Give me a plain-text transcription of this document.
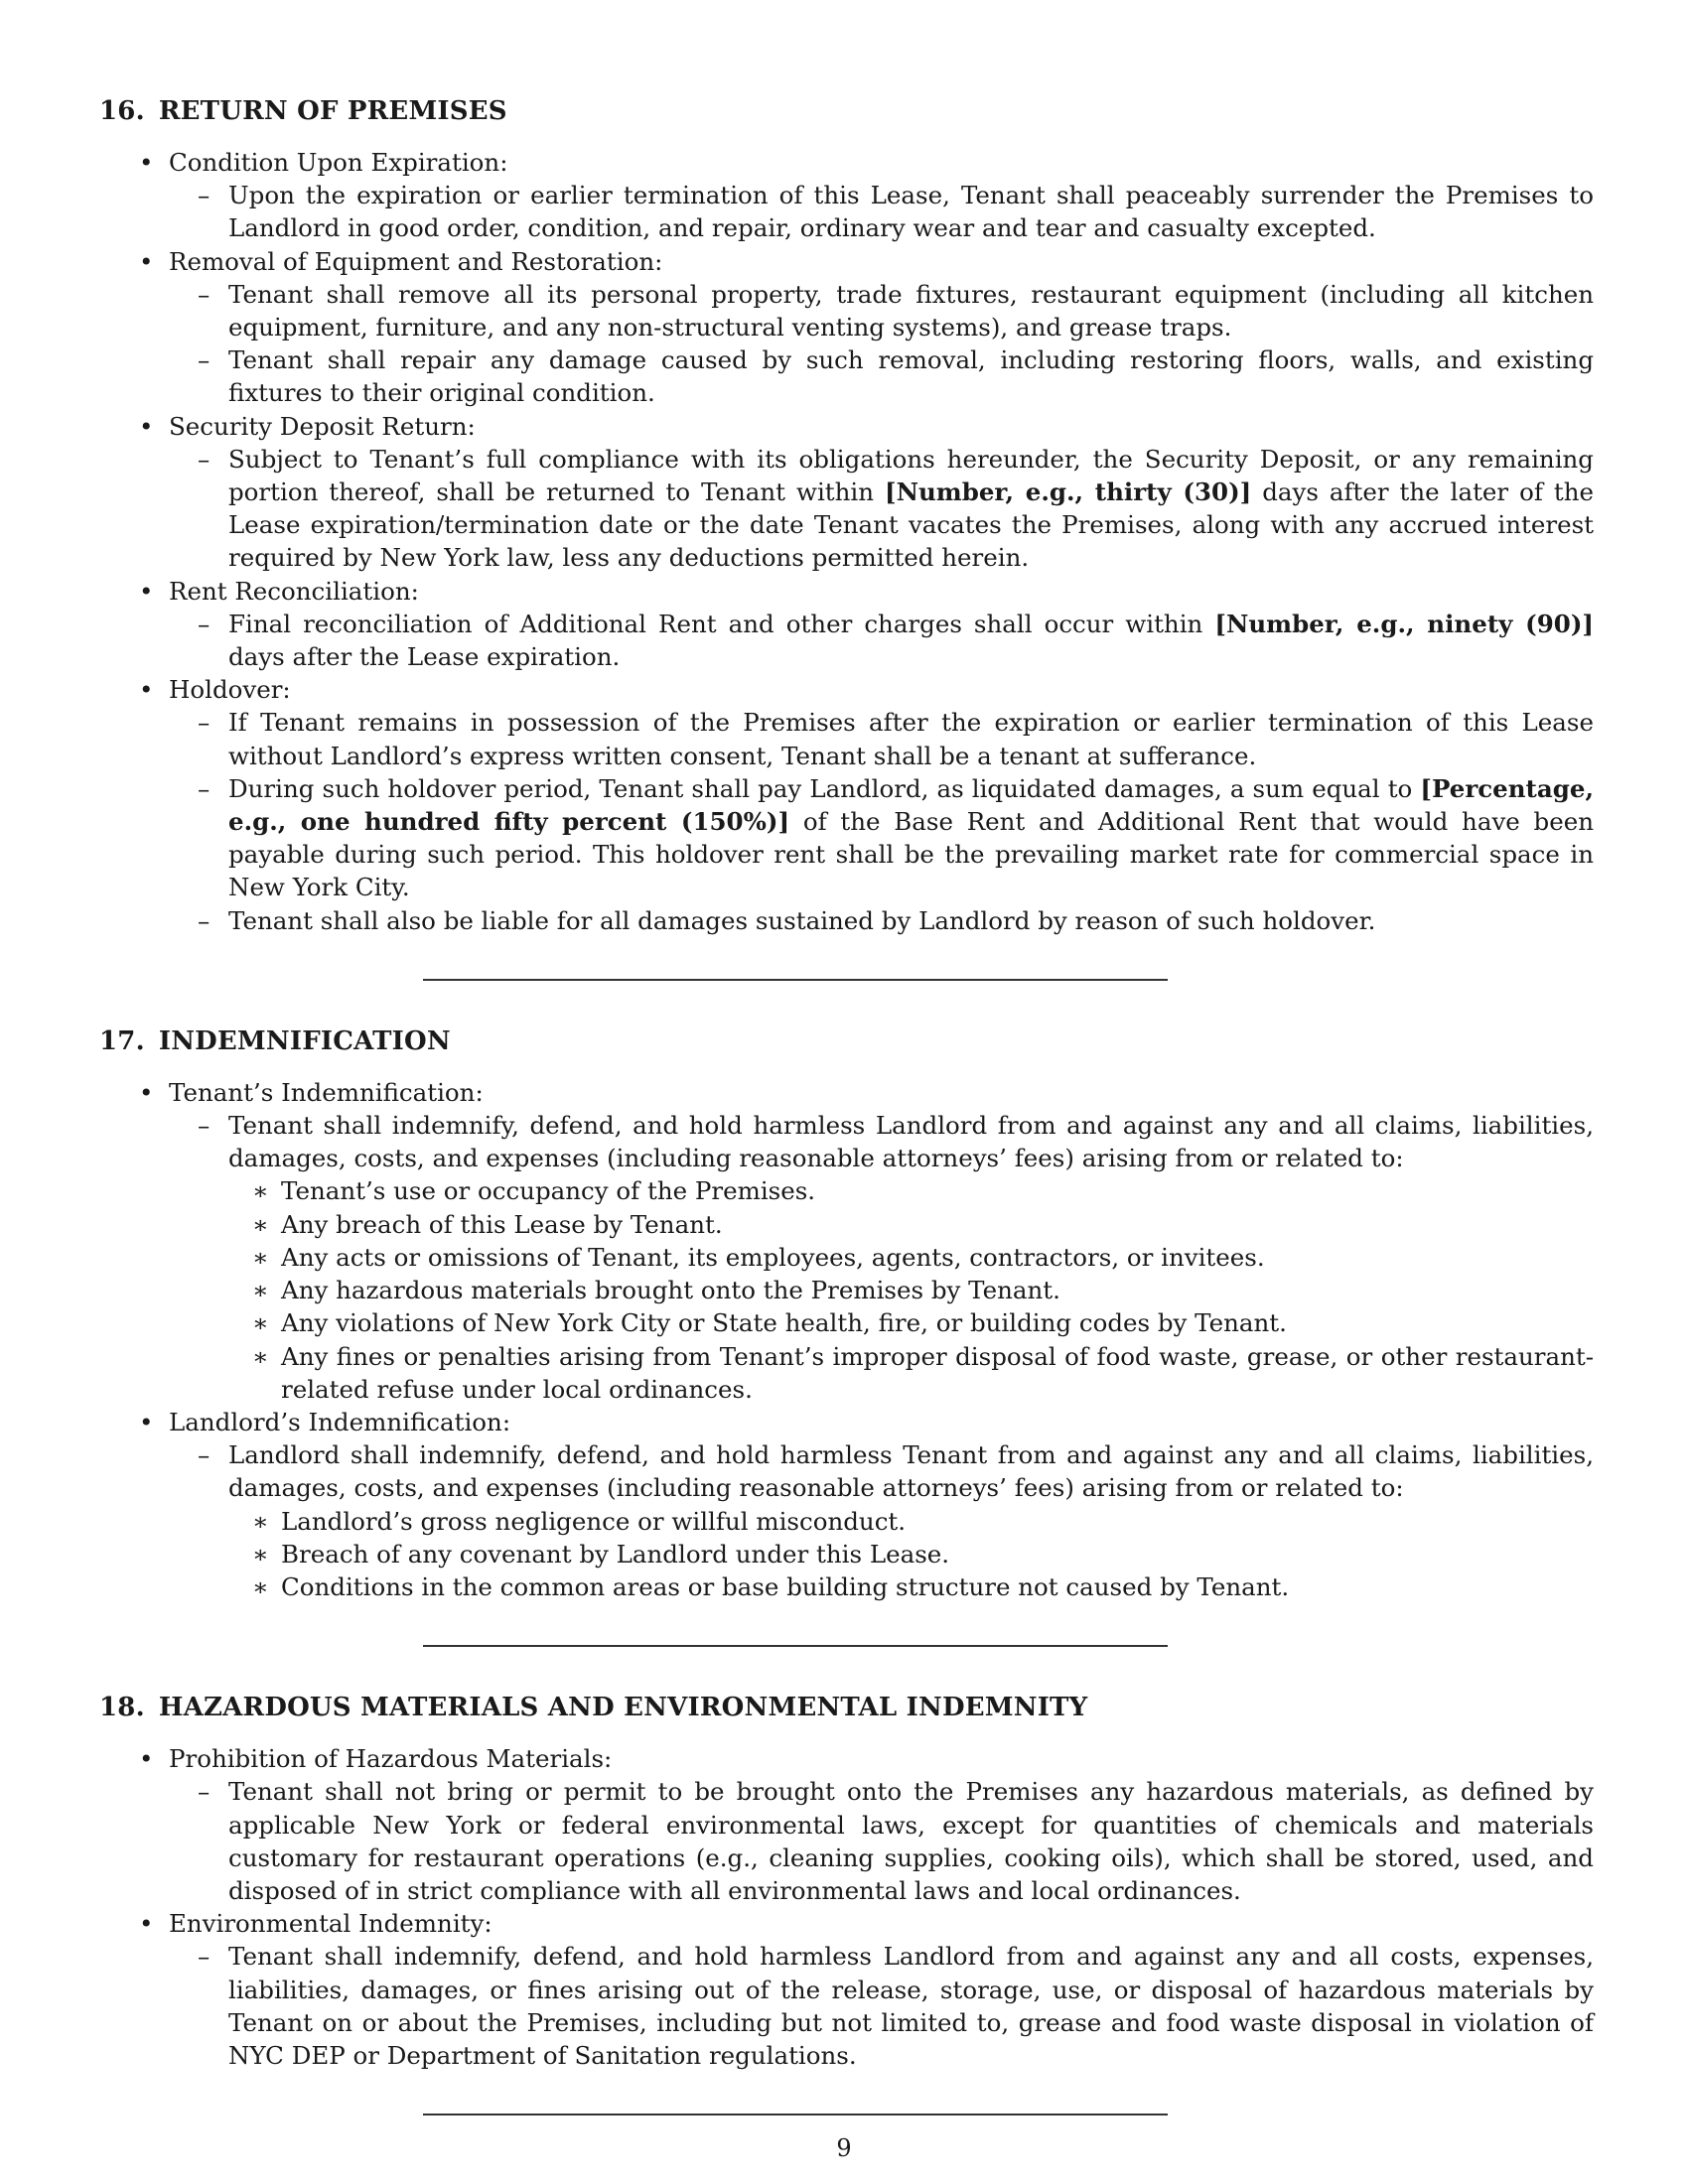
16. RETURN OF PREMISES
• Condition Upon Expiration:
– Upon the expiration or earlier termination of this Lease, Tenant shall peaceably surrender the Premises to Landlord in good order, condition, and repair, ordinary wear and tear and casualty excepted.
• Removal of Equipment and Restoration:
– Tenant shall remove all its personal property, trade fixtures, restaurant equipment (including all kitchen equipment, furniture, and any non-structural venting systems), and grease traps.
– Tenant shall repair any damage caused by such removal, including restoring floors, walls, and existing fixtures to their original condition.
• Security Deposit Return:
– Subject to Tenant’s full compliance with its obligations hereunder, the Security Deposit, or any remaining portion thereof, shall be returned to Tenant within [Number, e.g., thirty (30)] days after the later of the Lease expiration/termination date or the date Tenant vacates the Premises, along with any accrued interest required by New York law, less any deductions permitted herein.
• Rent Reconciliation:
– Final reconciliation of Additional Rent and other charges shall occur within [Number, e.g., ninety (90)] days after the Lease expiration.
• Holdover:
– If Tenant remains in possession of the Premises after the expiration or earlier termination of this Lease without Landlord’s express written consent, Tenant shall be a tenant at sufferance.
– During such holdover period, Tenant shall pay Landlord, as liquidated damages, a sum equal to [Percentage, e.g., one hundred fifty percent (150%)] of the Base Rent and Additional Rent that would have been payable during such period. This holdover rent shall be the prevailing market rate for commercial space in New York City.
– Tenant shall also be liable for all damages sustained by Landlord by reason of such holdover.
17. INDEMNIFICATION
• Tenant’s Indemnification:
– Tenant shall indemnify, defend, and hold harmless Landlord from and against any and all claims, liabilities, damages, costs, and expenses (including reasonable attorneys’ fees) arising from or related to:
∗ Tenant’s use or occupancy of the Premises.
∗ Any breach of this Lease by Tenant.
∗ Any acts or omissions of Tenant, its employees, agents, contractors, or invitees.
∗ Any hazardous materials brought onto the Premises by Tenant.
∗ Any violations of New York City or State health, fire, or building codes by Tenant.
∗ Any fines or penalties arising from Tenant’s improper disposal of food waste, grease, or other restaurant-related refuse under local ordinances.
• Landlord’s Indemnification:
– Landlord shall indemnify, defend, and hold harmless Tenant from and against any and all claims, liabilities, damages, costs, and expenses (including reasonable attorneys’ fees) arising from or related to:
∗ Landlord’s gross negligence or willful misconduct.
∗ Breach of any covenant by Landlord under this Lease.
∗ Conditions in the common areas or base building structure not caused by Tenant.
18. HAZARDOUS MATERIALS AND ENVIRONMENTAL INDEMNITY
• Prohibition of Hazardous Materials:
– Tenant shall not bring or permit to be brought onto the Premises any hazardous materials, as defined by applicable New York or federal environmental laws, except for quantities of chemicals and materials customary for restaurant operations (e.g., cleaning supplies, cooking oils), which shall be stored, used, and disposed of in strict compliance with all environmental laws and local ordinances.
• Environmental Indemnity:
– Tenant shall indemnify, defend, and hold harmless Landlord from and against any and all costs, expenses, liabilities, damages, or fines arising out of the release, storage, use, or disposal of hazardous materials by Tenant on or about the Premises, including but not limited to, grease and food waste disposal in violation of NYC DEP or Department of Sanitation regulations.
9
